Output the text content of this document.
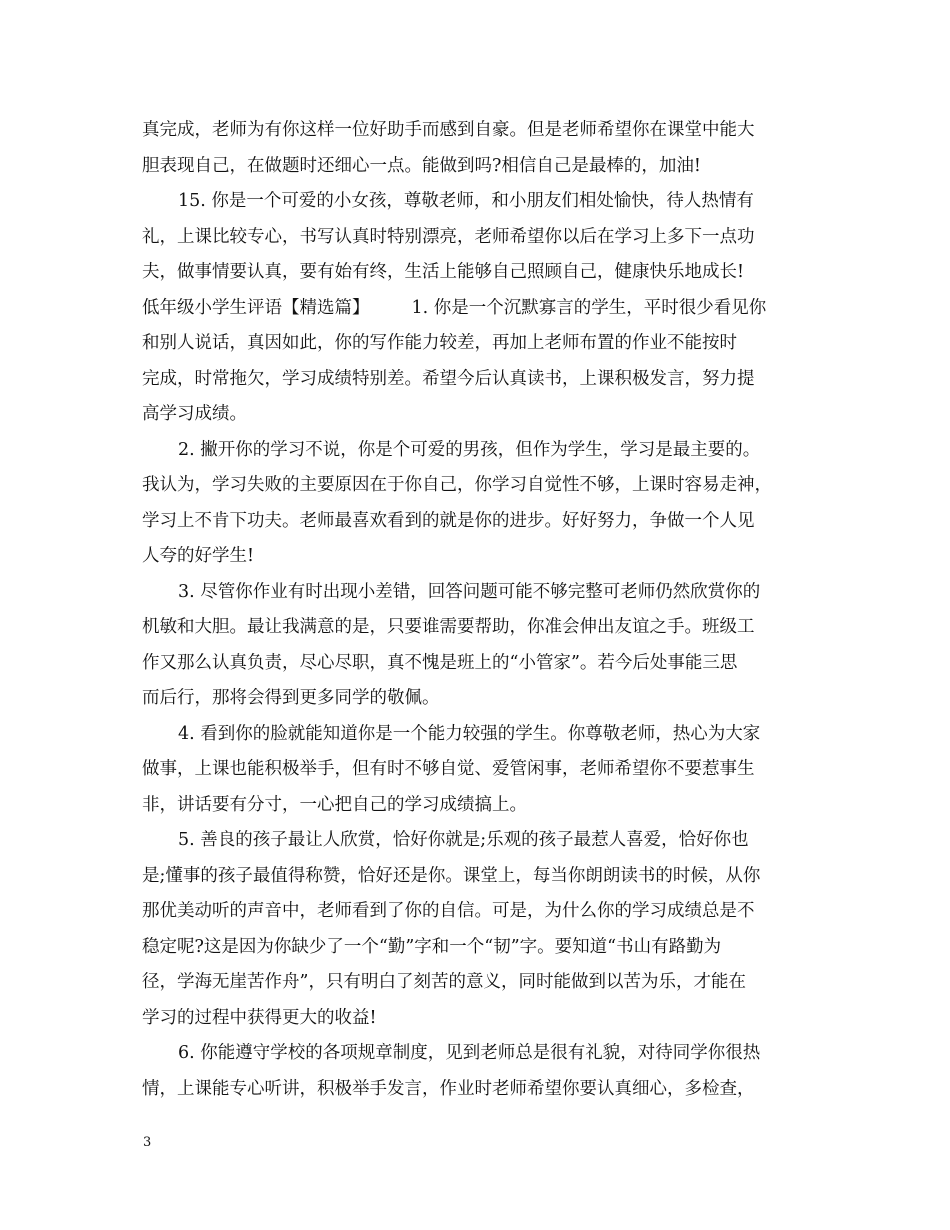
真完成，老师为有你这样一位好助手而感到自豪。但是老师希望你在课堂中能大
胆表现自己，在做题时还细心一点。能做到吗?相信自己是最棒的，加油!
15. 你是一个可爱的小女孩，尊敬老师，和小朋友们相处愉快，待人热情有
礼，上课比较专心，书写认真时特别漂亮，老师希望你以后在学习上多下一点功
夫，做事情要认真，要有始有终，生活上能够自己照顾自己，健康快乐地成长!
低年级小学生评语【精选篇】 1. 你是一个沉默寡言的学生，平时很少看见你
和别人说话，真因如此，你的写作能力较差，再加上老师布置的作业不能按时
完成，时常拖欠，学习成绩特别差。希望今后认真读书，上课积极发言，努力提
高学习成绩。
2. 撇开你的学习不说，你是个可爱的男孩，但作为学生，学习是最主要的。
我认为，学习失败的主要原因在于你自己，你学习自觉性不够，上课时容易走神，
学习上不肯下功夫。老师最喜欢看到的就是你的进步。好好努力，争做一个人见
人夸的好学生!
3. 尽管你作业有时出现小差错，回答问题可能不够完整可老师仍然欣赏你的
机敏和大胆。最让我满意的是，只要谁需要帮助，你准会伸出友谊之手。班级工
作又那么认真负责，尽心尽职，真不愧是班上的“小管家”。若今后处事能三思
而后行，那将会得到更多同学的敬佩。
4. 看到你的脸就能知道你是一个能力较强的学生。你尊敬老师，热心为大家
做事，上课也能积极举手，但有时不够自觉、爱管闲事，老师希望你不要惹事生
非，讲话要有分寸，一心把自己的学习成绩搞上。
5. 善良的孩子最让人欣赏，恰好你就是;乐观的孩子最惹人喜爱，恰好你也
是;懂事的孩子最值得称赞，恰好还是你。课堂上，每当你朗朗读书的时候，从你
那优美动听的声音中，老师看到了你的自信。可是，为什么你的学习成绩总是不
稳定呢?这是因为你缺少了一个“勤”字和一个“韧”字。要知道“书山有路勤为
径，学海无崖苦作舟”，只有明白了刻苦的意义，同时能做到以苦为乐，才能在
学习的过程中获得更大的收益!
6. 你能遵守学校的各项规章制度，见到老师总是很有礼貌，对待同学你很热
情，上课能专心听讲，积极举手发言，作业时老师希望你要认真细心，多检查，
3
